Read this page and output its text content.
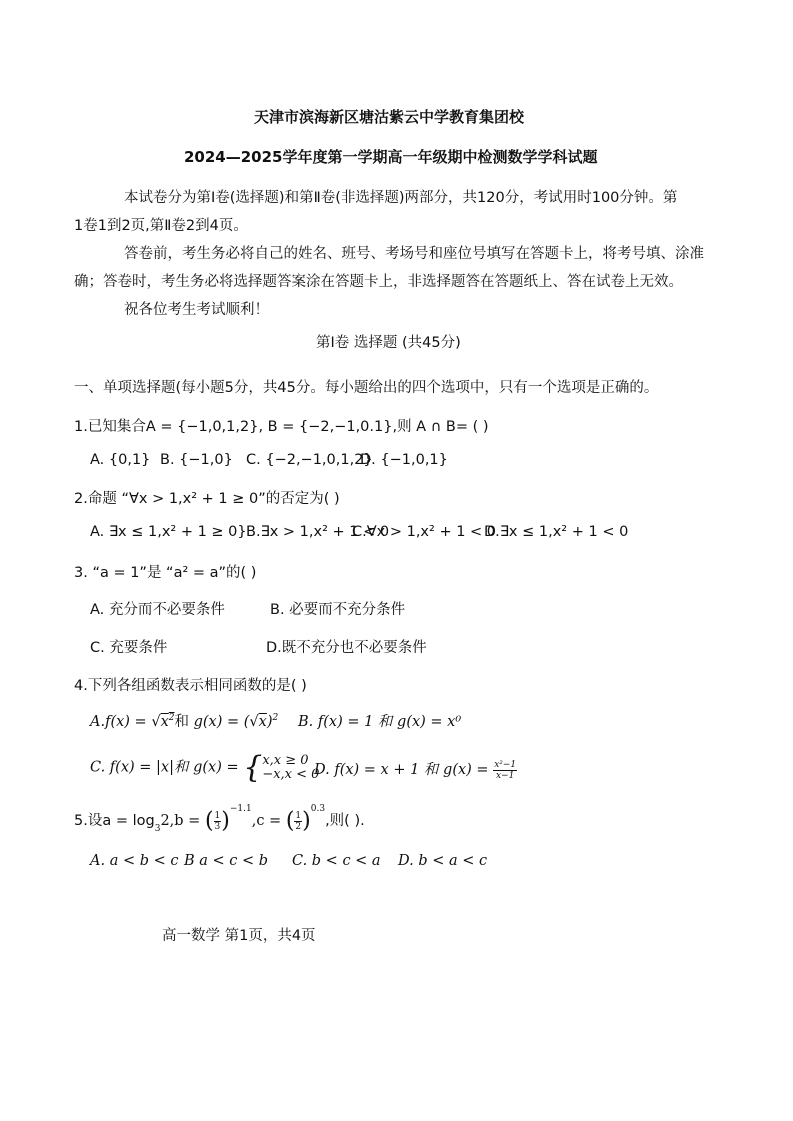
天津市滨海新区塘沽紫云中学教育集团校
2024—2025学年度第一学期高一年级期中检测数学学科试题
本试卷分为第Ⅰ卷(选择题)和第Ⅱ卷(非选择题)两部分，共120分，考试用时100分钟。第
1卷1到2页,第Ⅱ卷2到4页。
答卷前，考生务必将自己的姓名、班号、考场号和座位号填写在答题卡上，将考号填、涂准
确；答卷时，考生务必将选择题答案涂在答题卡上，非选择题答在答题纸上、答在试卷上无效。
祝各位考生考试顺利！
第Ⅰ卷 选择题 (共45分)
一、单项选择题(每小题5分，共45分。每小题给出的四个选项中，只有一个选项是正确的。
1.已知集合A = {−1,0,1,2}, B = {−2,−1,0.1},则 A ∩ B= ( )
A. {0,1} B. {−1,0} C. {−2,−1,0,1,2}
D. {−1,0,1}
2.命题 “∀x > 1,x² + 1 ≥ 0”的否定为( )
A. ∃x ≤ 1,x² + 1 ≥ 0} B.∃x > 1,x² + 1 < 0
C.∀x > 1,x² + 1 < 0
D.∃x ≤ 1,x² + 1 < 0
3. “a = 1”是 “a² = a”的( )
A. 充分而不必要条件	B. 必要而不充分条件
C. 充要条件	D.既不充分也不必要条件
4.下列各组函数表示相同函数的是( )
$A.f(x) = √x^2$和 $g(x) = (√x)^2$ B. f(x) = 1 和 g(x) = x⁰
C. f(x) = |x|和 g(x) = { x,x ≥ 0
−x,x < 0
D. f(x) = x + 1 和 $g(x) = \frac{\text{x²−1}}{x-1}$
5.设$a = \log_32,b$ = ( $\frac{1}{3} )^{-1.1},c$ = ( $\frac{1}{2} )^{0.3}$,则( ).
A. a < b < c B a < c < b C. b < c < a D. b < a < c
高一数学 第1页，共4页
